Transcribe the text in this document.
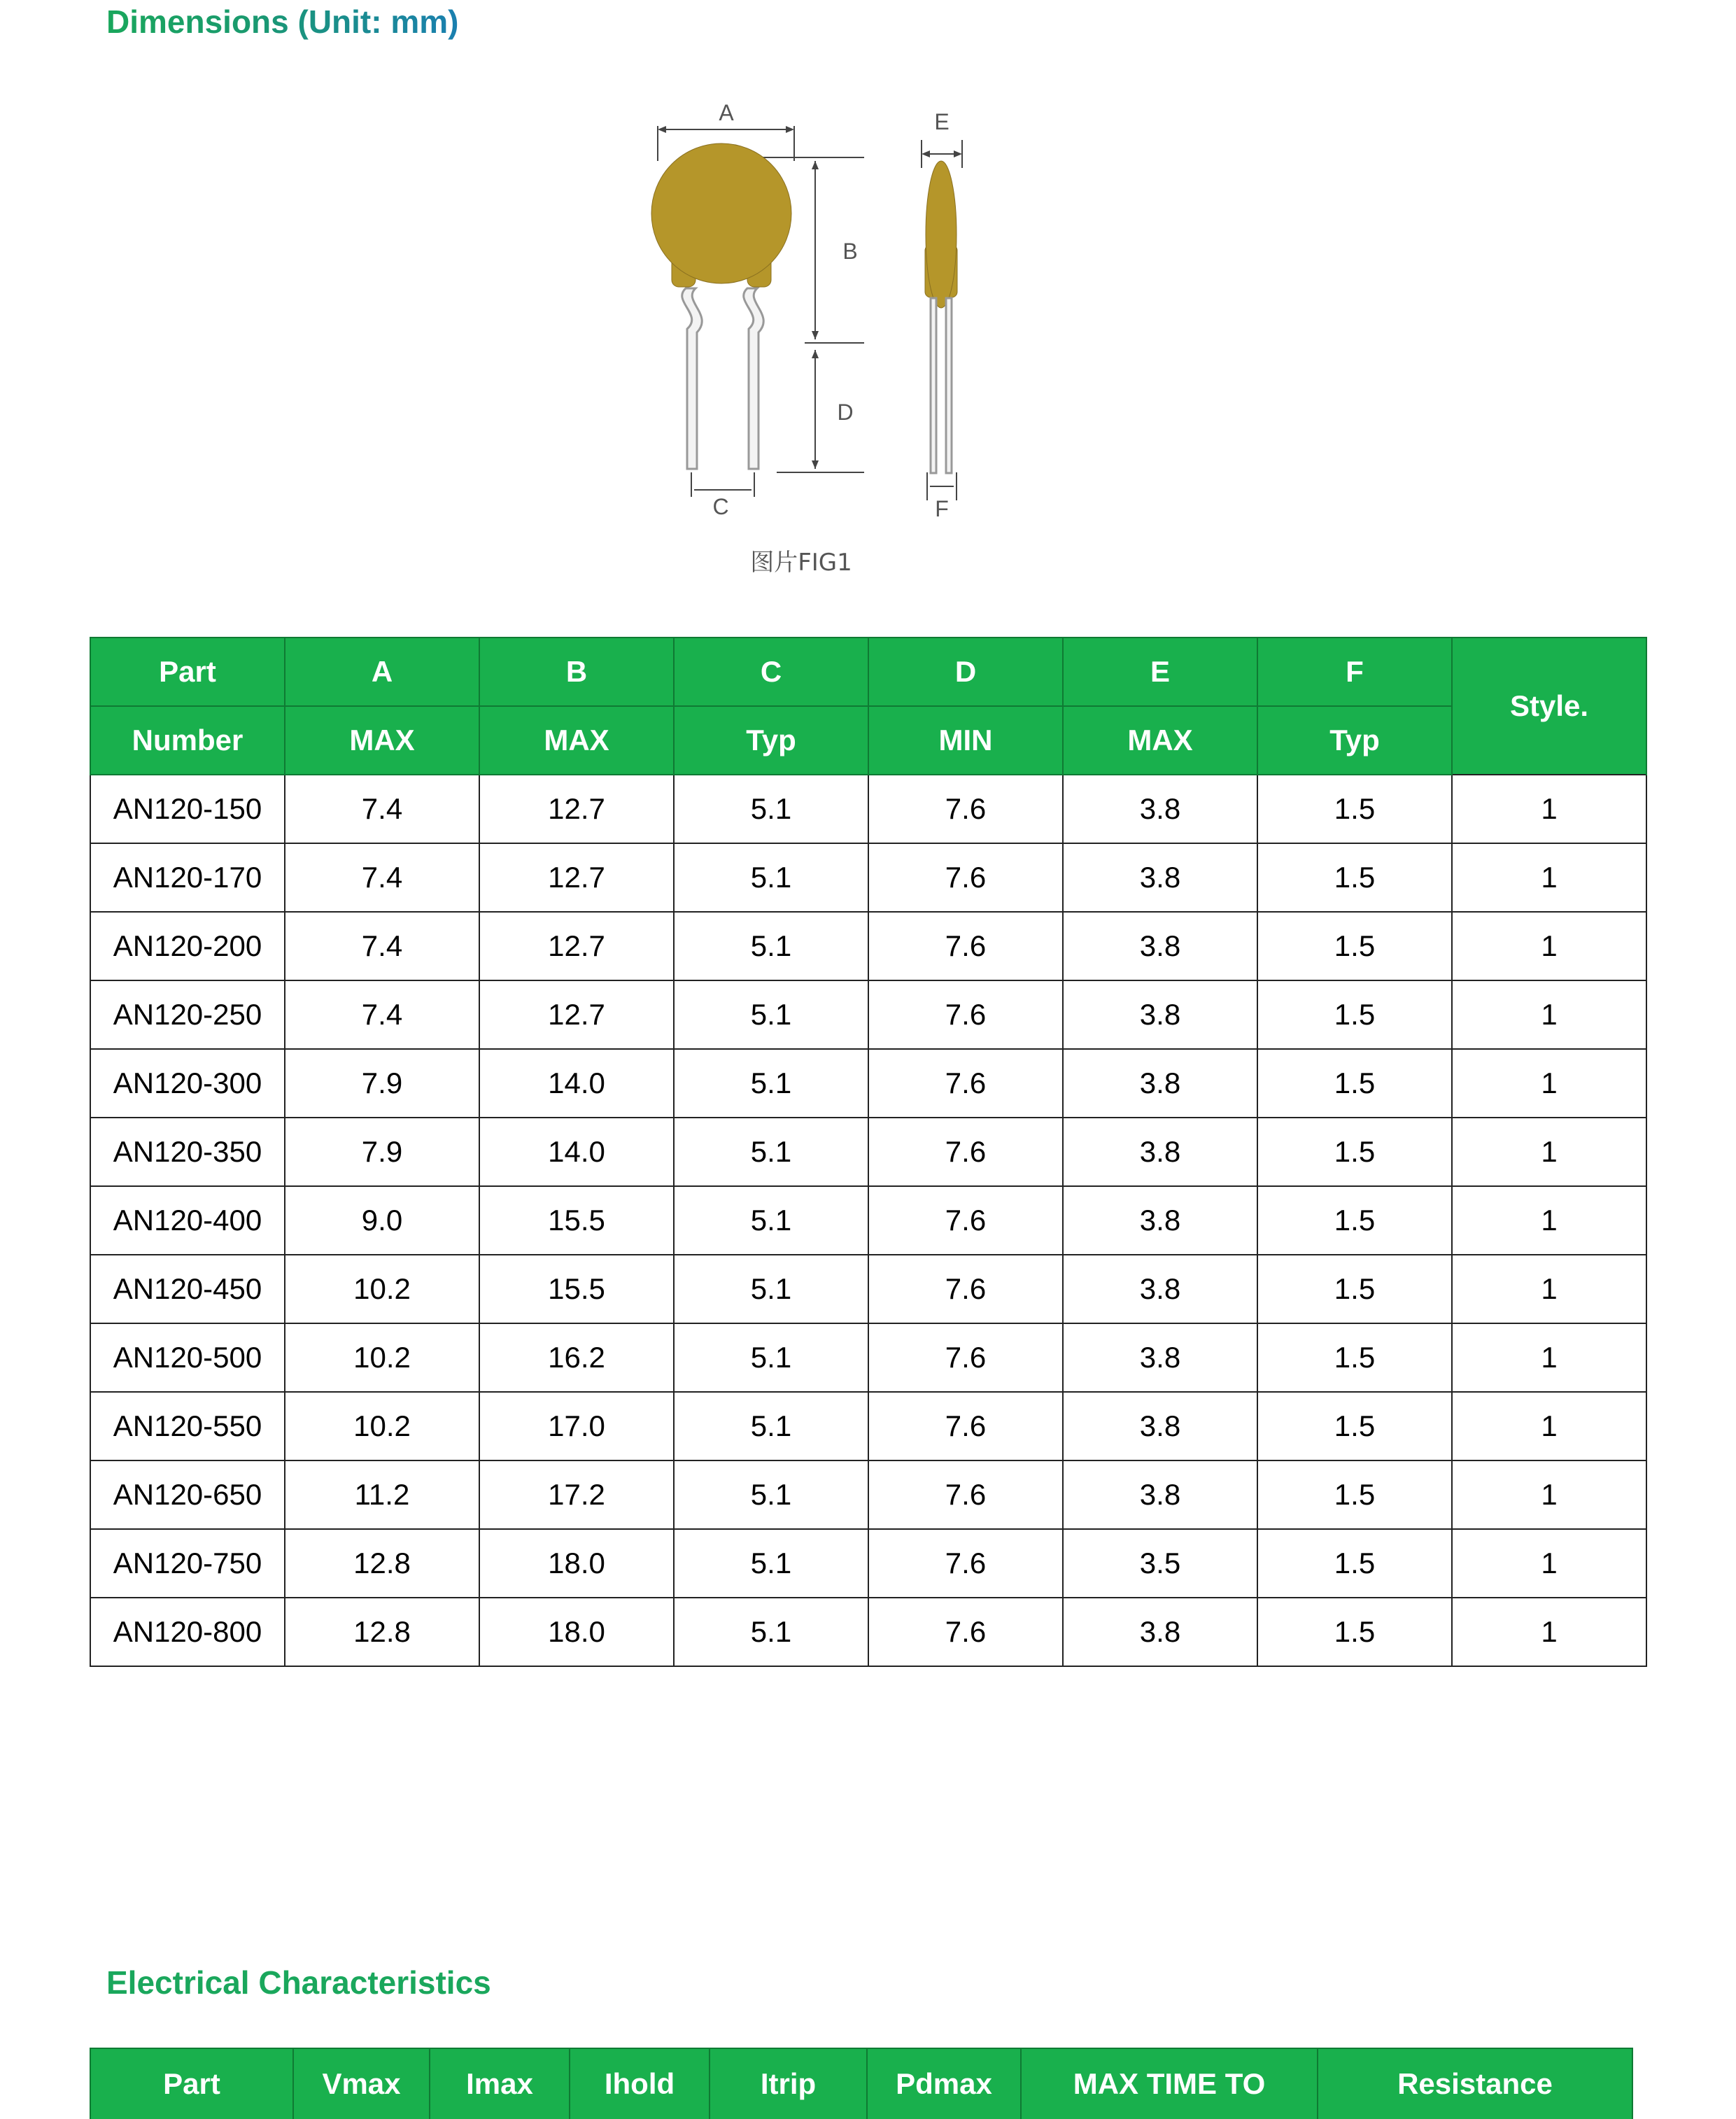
Dimensions (Unit: mm)
A
B
C
D
E
F
图片FIG1
Part	A	B	C	D	E	F	Style.
Number	MAX	MAX	Typ	MIN	MAX	Typ	
AN120-150	7.4	12.7	5.1	7.6	3.8	1.5	1
AN120-170	7.4	12.7	5.1	7.6	3.8	1.5	1
AN120-200	7.4	12.7	5.1	7.6	3.8	1.5	1
AN120-250	7.4	12.7	5.1	7.6	3.8	1.5	1
AN120-300	7.9	14.0	5.1	7.6	3.8	1.5	1
AN120-350	7.9	14.0	5.1	7.6	3.8	1.5	1
AN120-400	9.0	15.5	5.1	7.6	3.8	1.5	1
AN120-450	10.2	15.5	5.1	7.6	3.8	1.5	1
AN120-500	10.2	16.2	5.1	7.6	3.8	1.5	1
AN120-550	10.2	17.0	5.1	7.6	3.8	1.5	1
AN120-650	11.2	17.2	5.1	7.6	3.8	1.5	1
AN120-750	12.8	18.0	5.1	7.6	3.5	1.5	1
AN120-800	12.8	18.0	5.1	7.6	3.8	1.5	1
Electrical Characteristics
Part	Vmax	Imax	Ihold	Itrip	Pdmax	MAX TIME TO	Resistance
